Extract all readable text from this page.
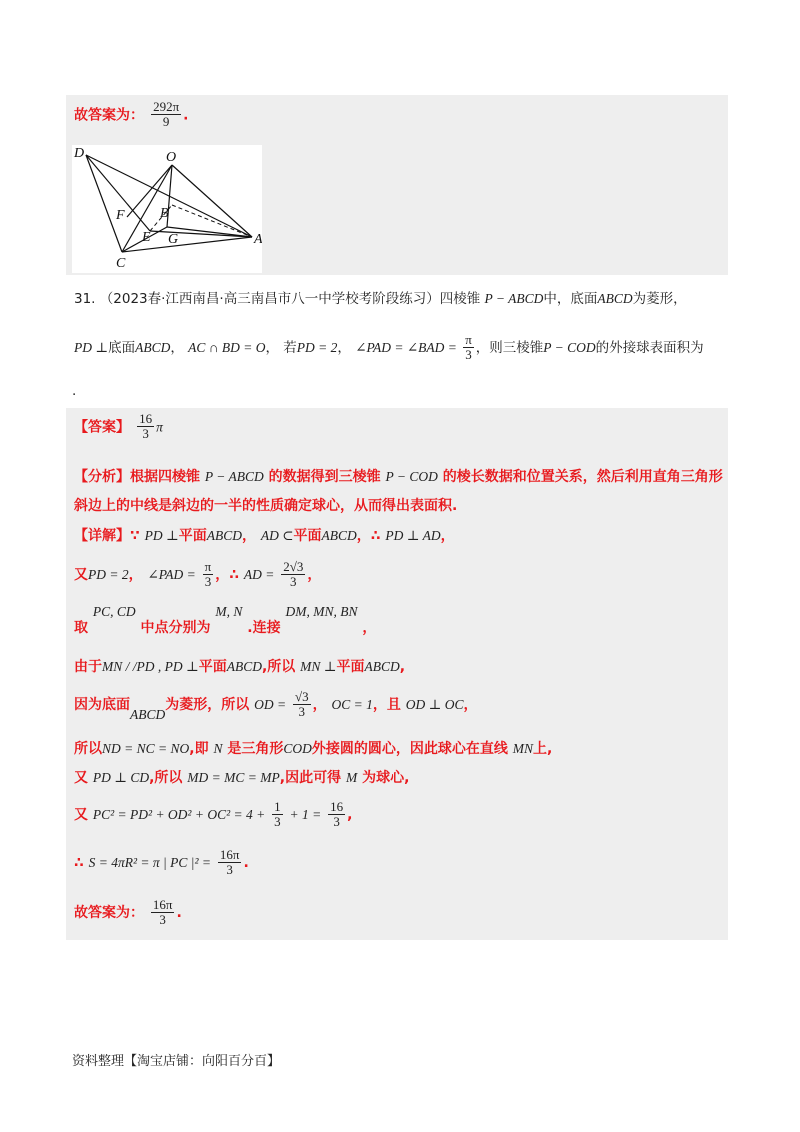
故答案为： $\frac{292\pi}{9}$ .
D	O
F	B
E G	A
C
31. （2023春·江西南昌·高三南昌市八一中学校考阶段练习）四棱锥 P − ABCD中，底面ABCD为菱形，
PD ⊥底面ABCD， AC ∩ BD = O， 若PD = 2， ∠PAD = ∠BAD = $\frac{\pi}{3}$ ，则三棱锥P − COD的外接球表面积为
.
【答案】 $\frac{16}{3}$ π
【分析】根据四棱锥 P − ABCD 的数据得到三棱锥 P − COD 的棱长数据和位置关系，然后利用直角三角形
斜边上的中线是斜边的一半的性质确定球心，从而得出表面积.
【详解】∵ PD ⊥平面ABCD， AD ⊂平面ABCD，∴ PD ⊥ AD，
又PD = 2， ∠PAD = $\frac{\pi}{3}$ ，∴ AD = $\frac{2√3}{3}$ ，
取 PC, CD 中点分别为 M, N .连接 DM, MN, BN ，
由于MN / /PD , PD ⊥平面ABCD,所以 MN ⊥平面ABCD,
因为底面ABCD为菱形，所以 OD = $\frac{√3}{3}$ ， OC = 1，且 OD ⊥ OC，
所以ND = NC = NO,即 N 是三角形COD外接圆的圆心，因此球心在直线 MN上,
又 PD ⊥ CD,所以 MD = MC = MP,因此可得 M 为球心,
又 $PC^2 = PD^2 + OD^2 + OC^2 = 4 + \frac{1}{3} + 1 = \frac{16}{3}$ ,
∴ S = 4πR² = π | PC $|^2 = \frac{16\pi}{3}$ .
故答案为： $\frac{16\pi}{3}$ .
资料整理【淘宝店铺：向阳百分百】
